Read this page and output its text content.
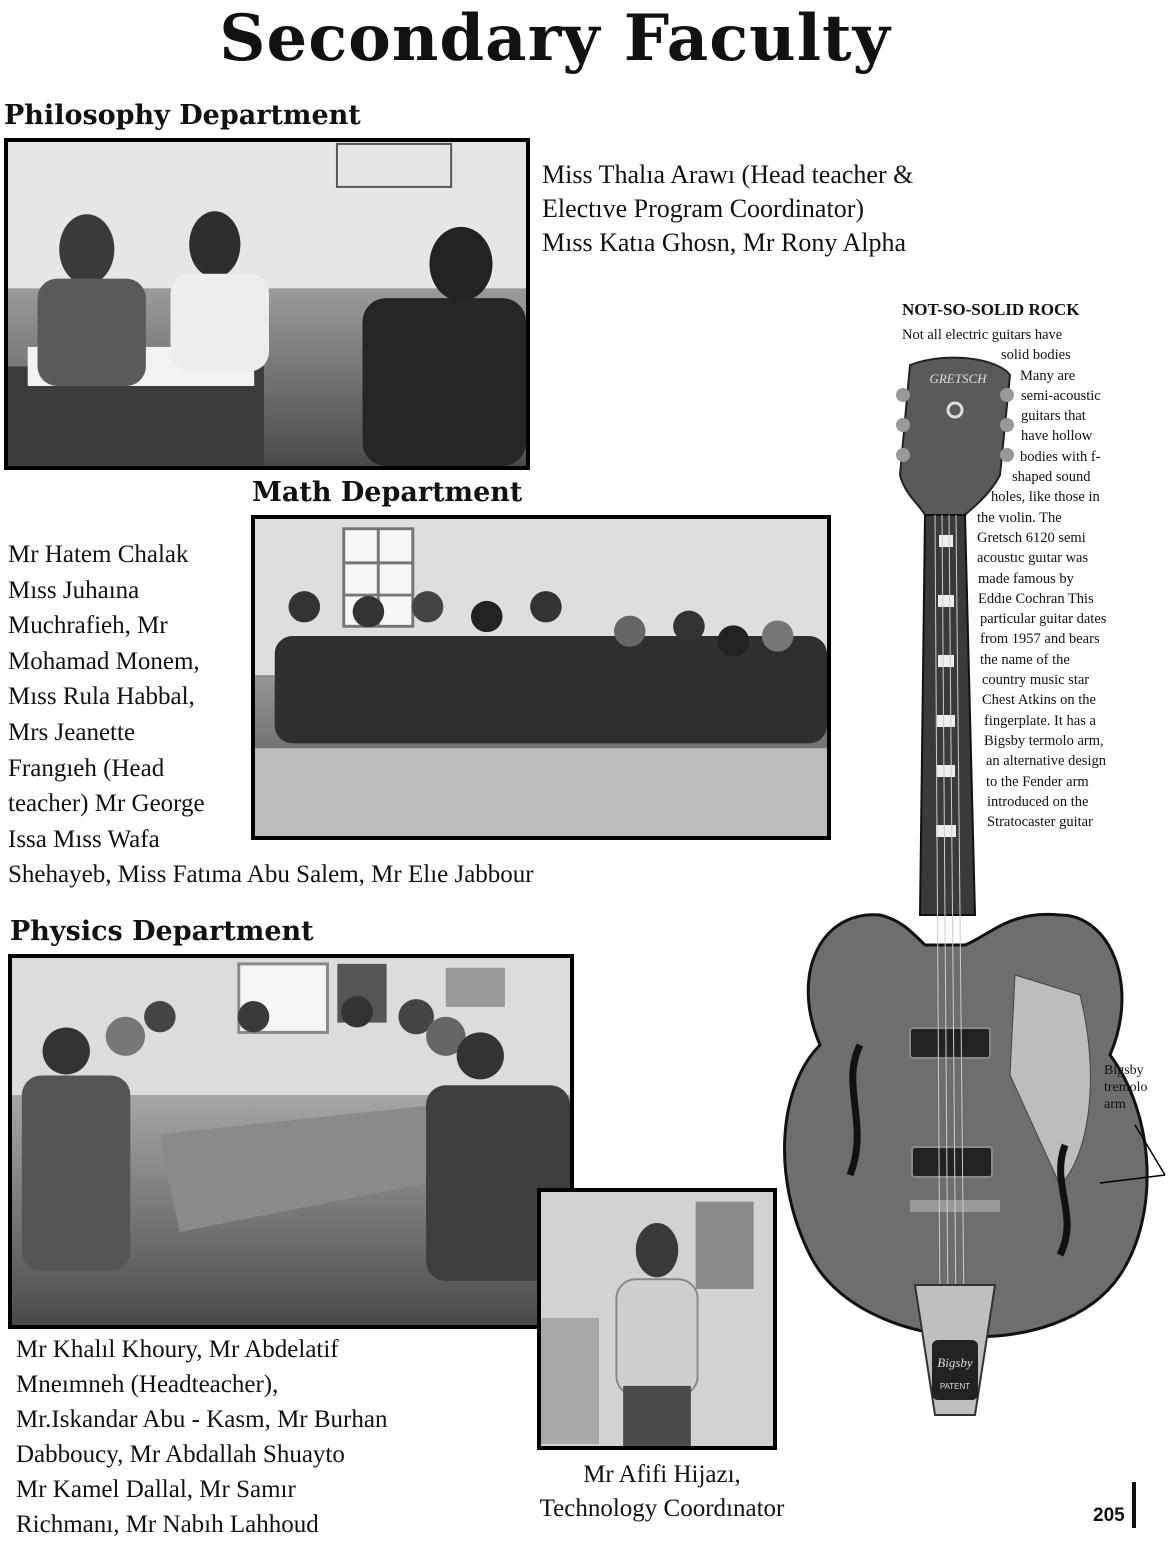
Secondary Faculty
Philosophy Department

Miss Thalıa Arawı (Head teacher &

Electıve Program Coordinator)

Mıss Katıa Ghosn, Mr Rony Alpha

Math Department

Mr Hatem Chalak

Mıss Juhaına

Muchrafieh, Mr

Mohamad Monem,

Mıss Rula Habbal,

Mrs Jeanette

Frangıeh (Head

teacher) Mr George

Issa Mıss Wafa

Shehayeb, Miss Fatıma Abu Salem, Mr Elıe Jabbour

Physics Department

Mr Khalıl Khoury, Mr Abdelatif

Mneımneh (Headteacher),

Mr.Iskandar Abu - Kasm, Mr Burhan

Dabboucy, Mr Abdallah Shuayto

Mr Kamel Dallal, Mr Samır

Richmanı, Mr Nabıh Lahhoud

Mr Afifi Hijazı,

Technology Coordınator

GRETSCH
Bigsby
PATENT
NOT-SO-SOLID ROCK
Not all electric guitars have
solid bodies
Many are
semi-acoustic
guitars that
have hollow
bodies with f-
shaped sound
holes, like those in
the vıolin. The
Gretsch 6120 semi
acoustıc guıtar was
made famous by
Eddıe Cochran This
particular guitar dates
from 1957 and bears
the name of the
country music star
Chest Atkins on the
fingerplate. It has a
Bigsby termolo arm,
an alternative design
to the Fender arm
introduced on the
Stratocaster guitar
Bigsby
tremolo
arm
205
